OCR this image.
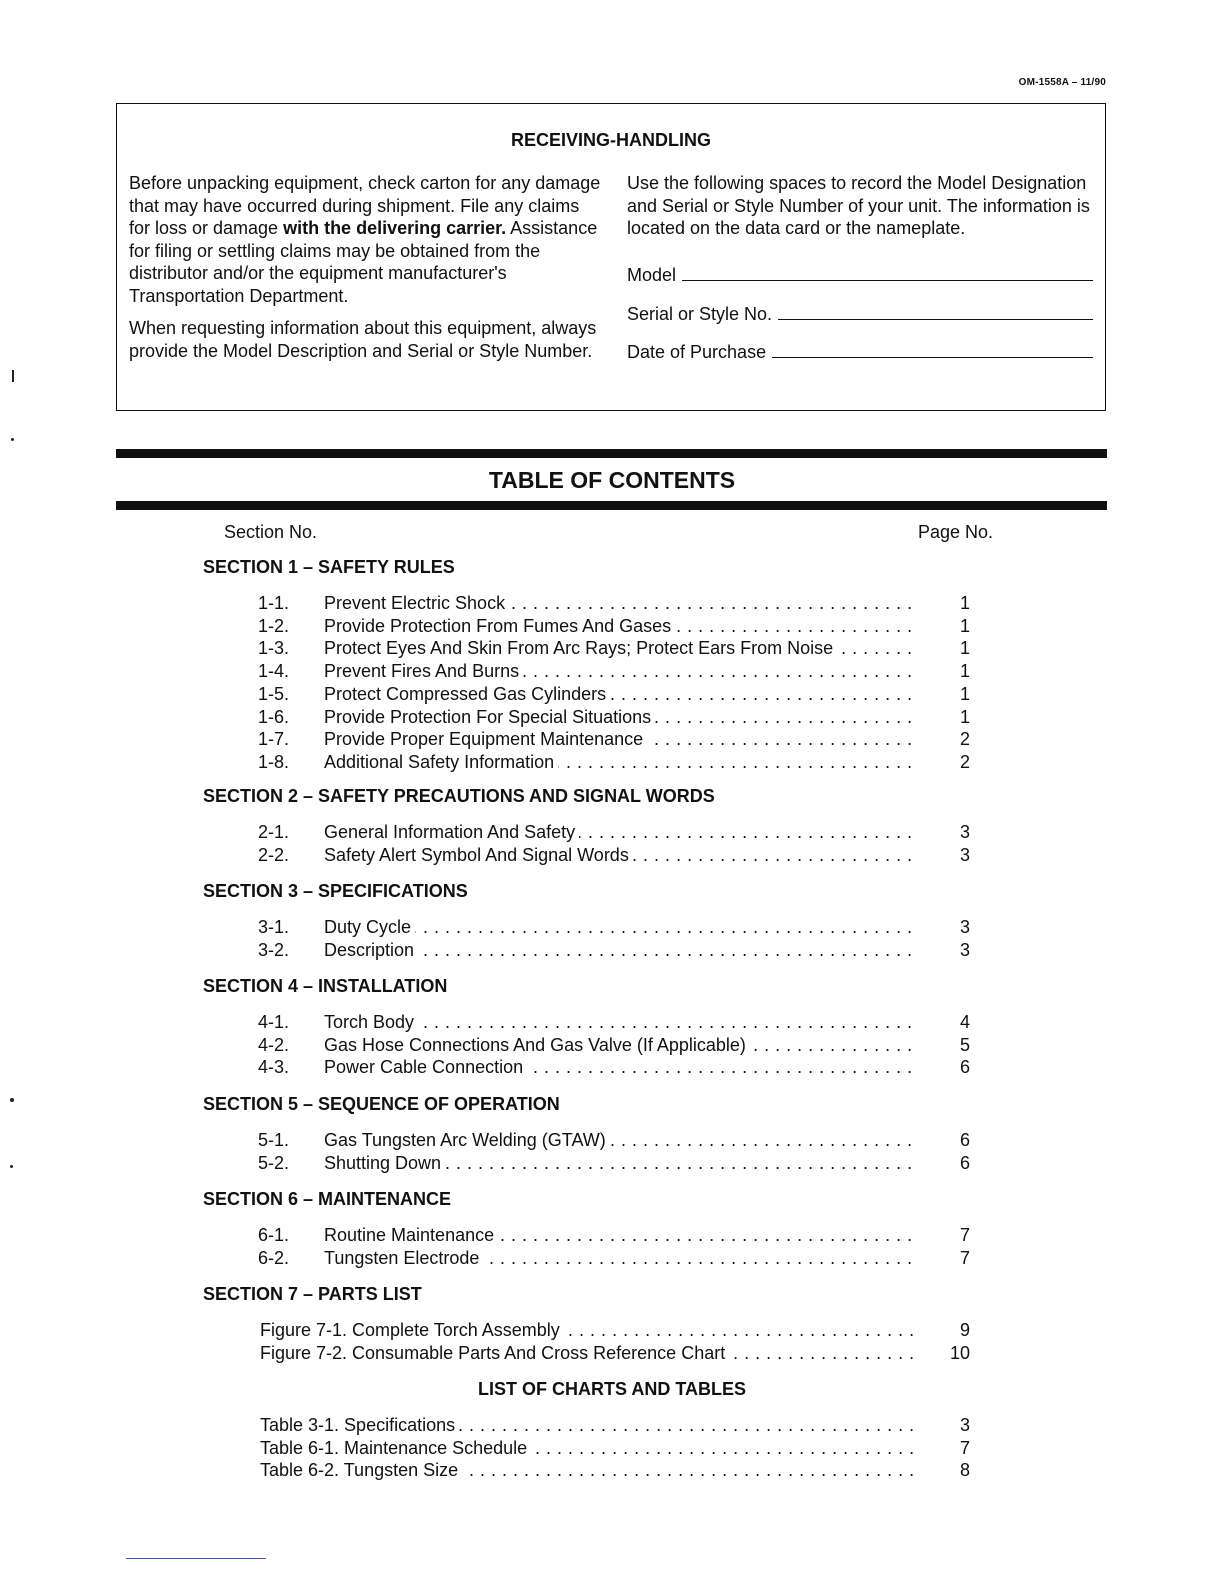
OM-1558A – 11/90
RECEIVING-HANDLING

Before unpacking equipment, check carton for any damage that may have occurred during shipment. File any claims for loss or damage with the delivering carrier. Assistance for filing or settling claims may be obtained from the distributor and/or the equipment manufacturer's Transportation Department.

When requesting information about this equipment, always provide the Model Description and Serial or Style Number.

Use the following spaces to record the Model Designation and Serial or Style Number of your unit. The information is located on the data card or the nameplate.

Model
Serial or Style No.
Date of Purchase
TABLE OF CONTENTS
Section No.	Page No.
SECTION 1 – SAFETY RULES
1-1. Prevent Electric Shock . . .	1
1-2. Provide Protection From Fumes And Gases . . .	1
1-3. Protect Eyes And Skin From Arc Rays; Protect Ears From Noise . . .	1
1-4. Prevent Fires And Burns . . .	1
1-5. Protect Compressed Gas Cylinders . . .	1
1-6. Provide Protection For Special Situations . . .	1
1-7. Provide Proper Equipment Maintenance . . .	2
1-8. Additional Safety Information . . .	2
SECTION 2 – SAFETY PRECAUTIONS AND SIGNAL WORDS
2-1. General Information And Safety . . .	3
2-2. Safety Alert Symbol And Signal Words . . .	3
SECTION 3 – SPECIFICATIONS
3-1. Duty Cycle . . .	3
3-2. Description . . .	3
SECTION 4 – INSTALLATION
4-1. Torch Body . . .	4
4-2. Gas Hose Connections And Gas Valve (If Applicable) . . .	5
4-3. Power Cable Connection . . .	6
SECTION 5 – SEQUENCE OF OPERATION
5-1. Gas Tungsten Arc Welding (GTAW) . . .	6
5-2. Shutting Down . . .	6
SECTION 6 – MAINTENANCE
6-1. Routine Maintenance . . .	7
6-2. Tungsten Electrode . . .	7
SECTION 7 – PARTS LIST
Figure 7-1. Complete Torch Assembly . . .	9
Figure 7-2. Consumable Parts And Cross Reference Chart . . .	10
LIST OF CHARTS AND TABLES
Table 3-1. Specifications . . .	3
Table 6-1. Maintenance Schedule . . .	7
Table 6-2. Tungsten Size . . .	8
